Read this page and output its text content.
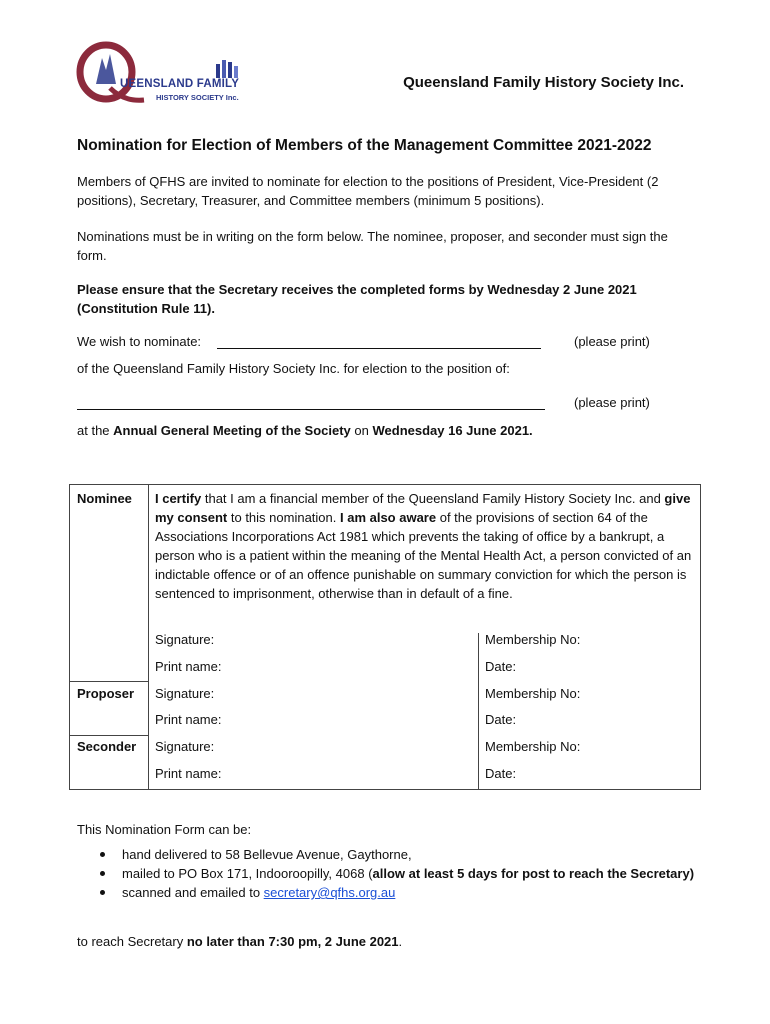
UEENSLAND FAMILY
HISTORY SOCIETY Inc.
Queensland Family History Society Inc.
Nomination for Election of Members of the Management Committee 2021-2022

Members of QFHS are invited to nominate for election to the positions of President, Vice-President (2 positions), Secretary, Treasurer, and Committee members (minimum 5 positions).

Nominations must be in writing on the form below. The nominee, proposer, and seconder must sign the form.

Please ensure that the Secretary receives the completed forms by Wednesday 2 June 2021 (Constitution Rule 11).

We wish to nominate:	(please print)
of the Queensland Family History Society Inc. for election to the position of:
(please print)
at the Annual General Meeting of the Society on Wednesday 16 June 2021.
Nominee I certify that I am a financial member of the Queensland Family History Society Inc. and give my consent to this nomination. I am also aware of the provisions of section 64 of the Associations Incorporations Act 1981 which prevents the taking of office by a bankrupt, a person who is a patient within the meaning of the Mental Health Act, a person convicted of an indictable offence or of an offence punishable on summary conviction for which the person is sentenced to imprisonment, otherwise than in default of a fine.
Signature:	Membership No:
Print name:	Date:
Proposer Signature:	Membership No:
Print name:	Date:
Seconder Signature:	Membership No:
Print name:	Date:
This Nomination Form can be:
hand delivered to 58 Bellevue Avenue, Gaythorne,
mailed to PO Box 171, Indooroopilly, 4068 (allow at least 5 days for post to reach the Secretary)
scanned and emailed to secretary@qfhs.org.au
to reach Secretary no later than 7:30 pm, 2 June 2021.
